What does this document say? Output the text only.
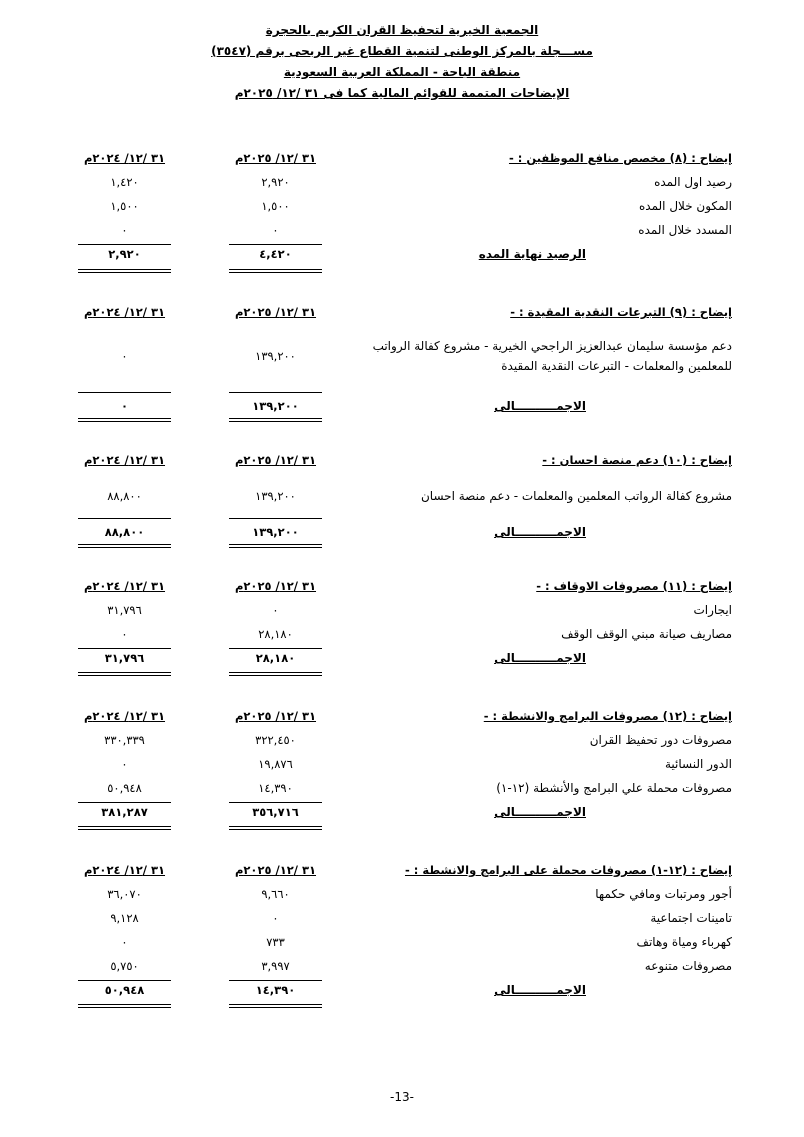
الجمعية الخيرية لتحفيظ القران الكريم بالحجرة
مســـجلة بالمركز الوطنى لتنمية القطاع غير الربحى برقم (٣٥٤٧)
منطقة الباحة - المملكة العربية السعودية
الإيضاحات المتممة للقوائم المالية كما فى ٣١ /١٢/ ٢٠٢٥م
إيضاح : (٨) مخصص منافع الموظفين : -
٣١ /١٢/ ٢٠٢٥م
٣١ /١٢/ ٢٠٢٤م
رصيد اول المده
٢,٩٢٠
١,٤٢٠
المكون خلال المده
١,٥٠٠
١,٥٠٠
المسدد خلال المده
٠
٠
الرصيد نهاية المده
٤,٤٢٠
٢,٩٢٠
إيضاح : (٩) التبرعات النقدية المقيدة : -
٣١ /١٢/ ٢٠٢٥م
٣١ /١٢/ ٢٠٢٤م
دعم مؤسسة سليمان عبدالعزيز الراجحي الخيرية - مشروع كفالة الرواتب للمعلمين والمعلمات - التبرعات النقدية المقيدة
١٣٩,٢٠٠
٠
الاجمــــــــــالى
١٣٩,٢٠٠
٠
إيضاح : (١٠) دعم منصة احسان : -
٣١ /١٢/ ٢٠٢٥م
٣١ /١٢/ ٢٠٢٤م
مشروع كفالة الرواتب المعلمين والمعلمات - دعم منصة احسان
١٣٩,٢٠٠
٨٨,٨٠٠
الاجمــــــــــالى
١٣٩,٢٠٠
٨٨,٨٠٠
إيضاح : (١١) مصروفات الاوقاف : -
٣١ /١٢/ ٢٠٢٥م
٣١ /١٢/ ٢٠٢٤م
ايجارات
٠
٣١,٧٩٦
مصاريف صيانة مبني الوقف الوقف
٢٨,١٨٠
٠
الاجمــــــــــالى
٢٨,١٨٠
٣١,٧٩٦
إيضاح : (١٢) مصروفات البرامج والانشطة : -
٣١ /١٢/ ٢٠٢٥م
٣١ /١٢/ ٢٠٢٤م
مصروفات دور تحفيظ القران
٣٢٢,٤٥٠
٣٣٠,٣٣٩
الدور النسائية
١٩,٨٧٦
٠
مصروفات محملة علي البرامج والأنشطة (١٢-١)
١٤,٣٩٠
٥٠,٩٤٨
الاجمــــــــــالى
٣٥٦,٧١٦
٣٨١,٢٨٧
إيضاح : (١٢-١) مصروفات محملة على البرامج والانشطة : -
٣١ /١٢/ ٢٠٢٥م
٣١ /١٢/ ٢٠٢٤م
أجور ومرتبات ومافي حكمها
٩,٦٦٠
٣٦,٠٧٠
تامينات اجتماعية
٠
٩,١٢٨
كهرباء ومياة وهاتف
٧٣٣
٠
مصروفات متنوعه
٣,٩٩٧
٥,٧٥٠
الاجمــــــــــالى
١٤,٣٩٠
٥٠,٩٤٨
-13-
